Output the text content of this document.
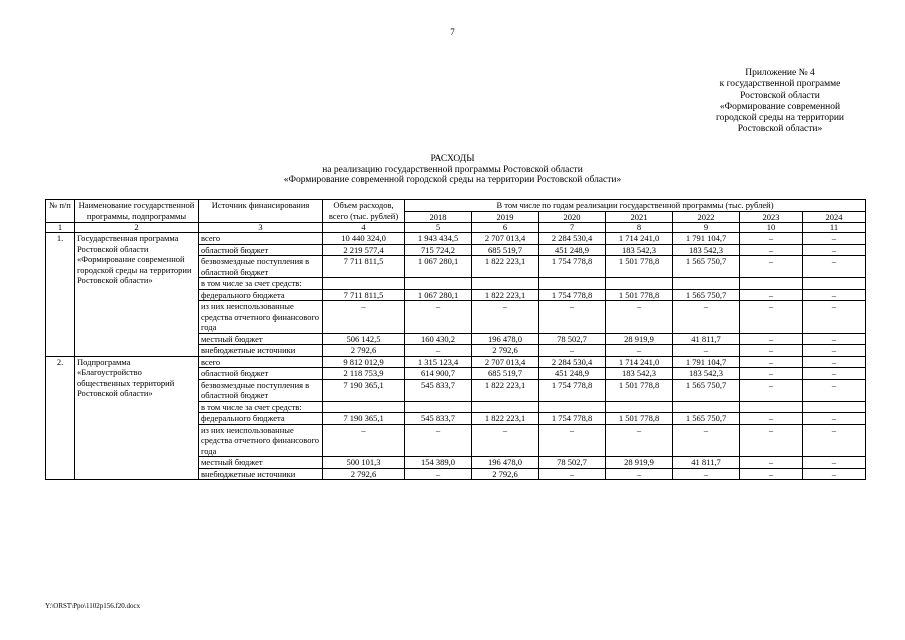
7
Приложение № 4
к государственной программе
Ростовской области
«Формирование современной
городской среды на территории
Ростовской области»
РАСХОДЫ
на реализацию государственной программы Ростовской области
«Формирование современной городской среды на территории Ростовской области»
№ п/п	Наименование государственной программы, подпрограммы	Источник финансирования	Объем расходов, всего (тыс. рублей)	В том числе по годам реализации государственной программы (тыс. рублей)						
				2018	2019	2020	2021	2022	2023	2024
1	2	3	4	5	6	7	8	9	10	11
1.	Государственная программа Ростовской области «Формирование современной городской среды на территории Ростовской области»	всего	10 440 324,0	1 943 434,5	2 707 013,4	2 284 530,4	1 714 241,0	1 791 104,7	–	–
		областной бюджет	2 219 577,4	715 724,2	685 519,7	451 248,9	183 542,3	183 542,3	–	–
		безвозмездные поступления в областной бюджет	7 711 811,5	1 067 280,1	1 822 223,1	1 754 778,8	1 501 778,8	1 565 750,7	–	–
		в том числе за счет средств:								
		федерального бюджета	7 711 811,5	1 067 280,1	1 822 223,1	1 754 778,8	1 501 778,8	1 565 750,7	–	–
		из них неиспользованные средства отчетного финансового года	–	–	–	–	–	–	–	–
		местный бюджет	506 142,5	160 430,2	196 478,0	78 502,7	28 919,9	41 811,7	–	–
		внебюджетные источники	2 792,6	–	2 792,6	–	–	–	–	–
2.	Подпрограмма «Благоустройство общественных территорий Ростовской области»	всего	9 812 012,9	1 315 123,4	2 707 013,4	2 284 530,4	1 714 241,0	1 791 104,7	–	–
		областной бюджет	2 118 753,9	614 900,7	685 519,7	451 248,9	183 542,3	183 542,3	–	–
		безвозмездные поступления в областной бюджет	7 190 365,1	545 833,7	1 822 223,1	1 754 778,8	1 501 778,8	1 565 750,7	–	–
		в том числе за счет средств:								
		федерального бюджета	7 190 365,1	545 833,7	1 822 223,1	1 754 778,8	1 501 778,8	1 565 750,7	–	–
		из них неиспользованные средства отчетного финансового года	–	–	–	–	–	–	–	–
		местный бюджет	500 101,3	154 389,0	196 478,0	78 502,7	28 919,9	41 811,7	–	–
		внебюджетные источники	2 792,6	–	2 792,6	–	–	–	–	–
Y:\ORST\Ppo\1102p156.f20.docx
